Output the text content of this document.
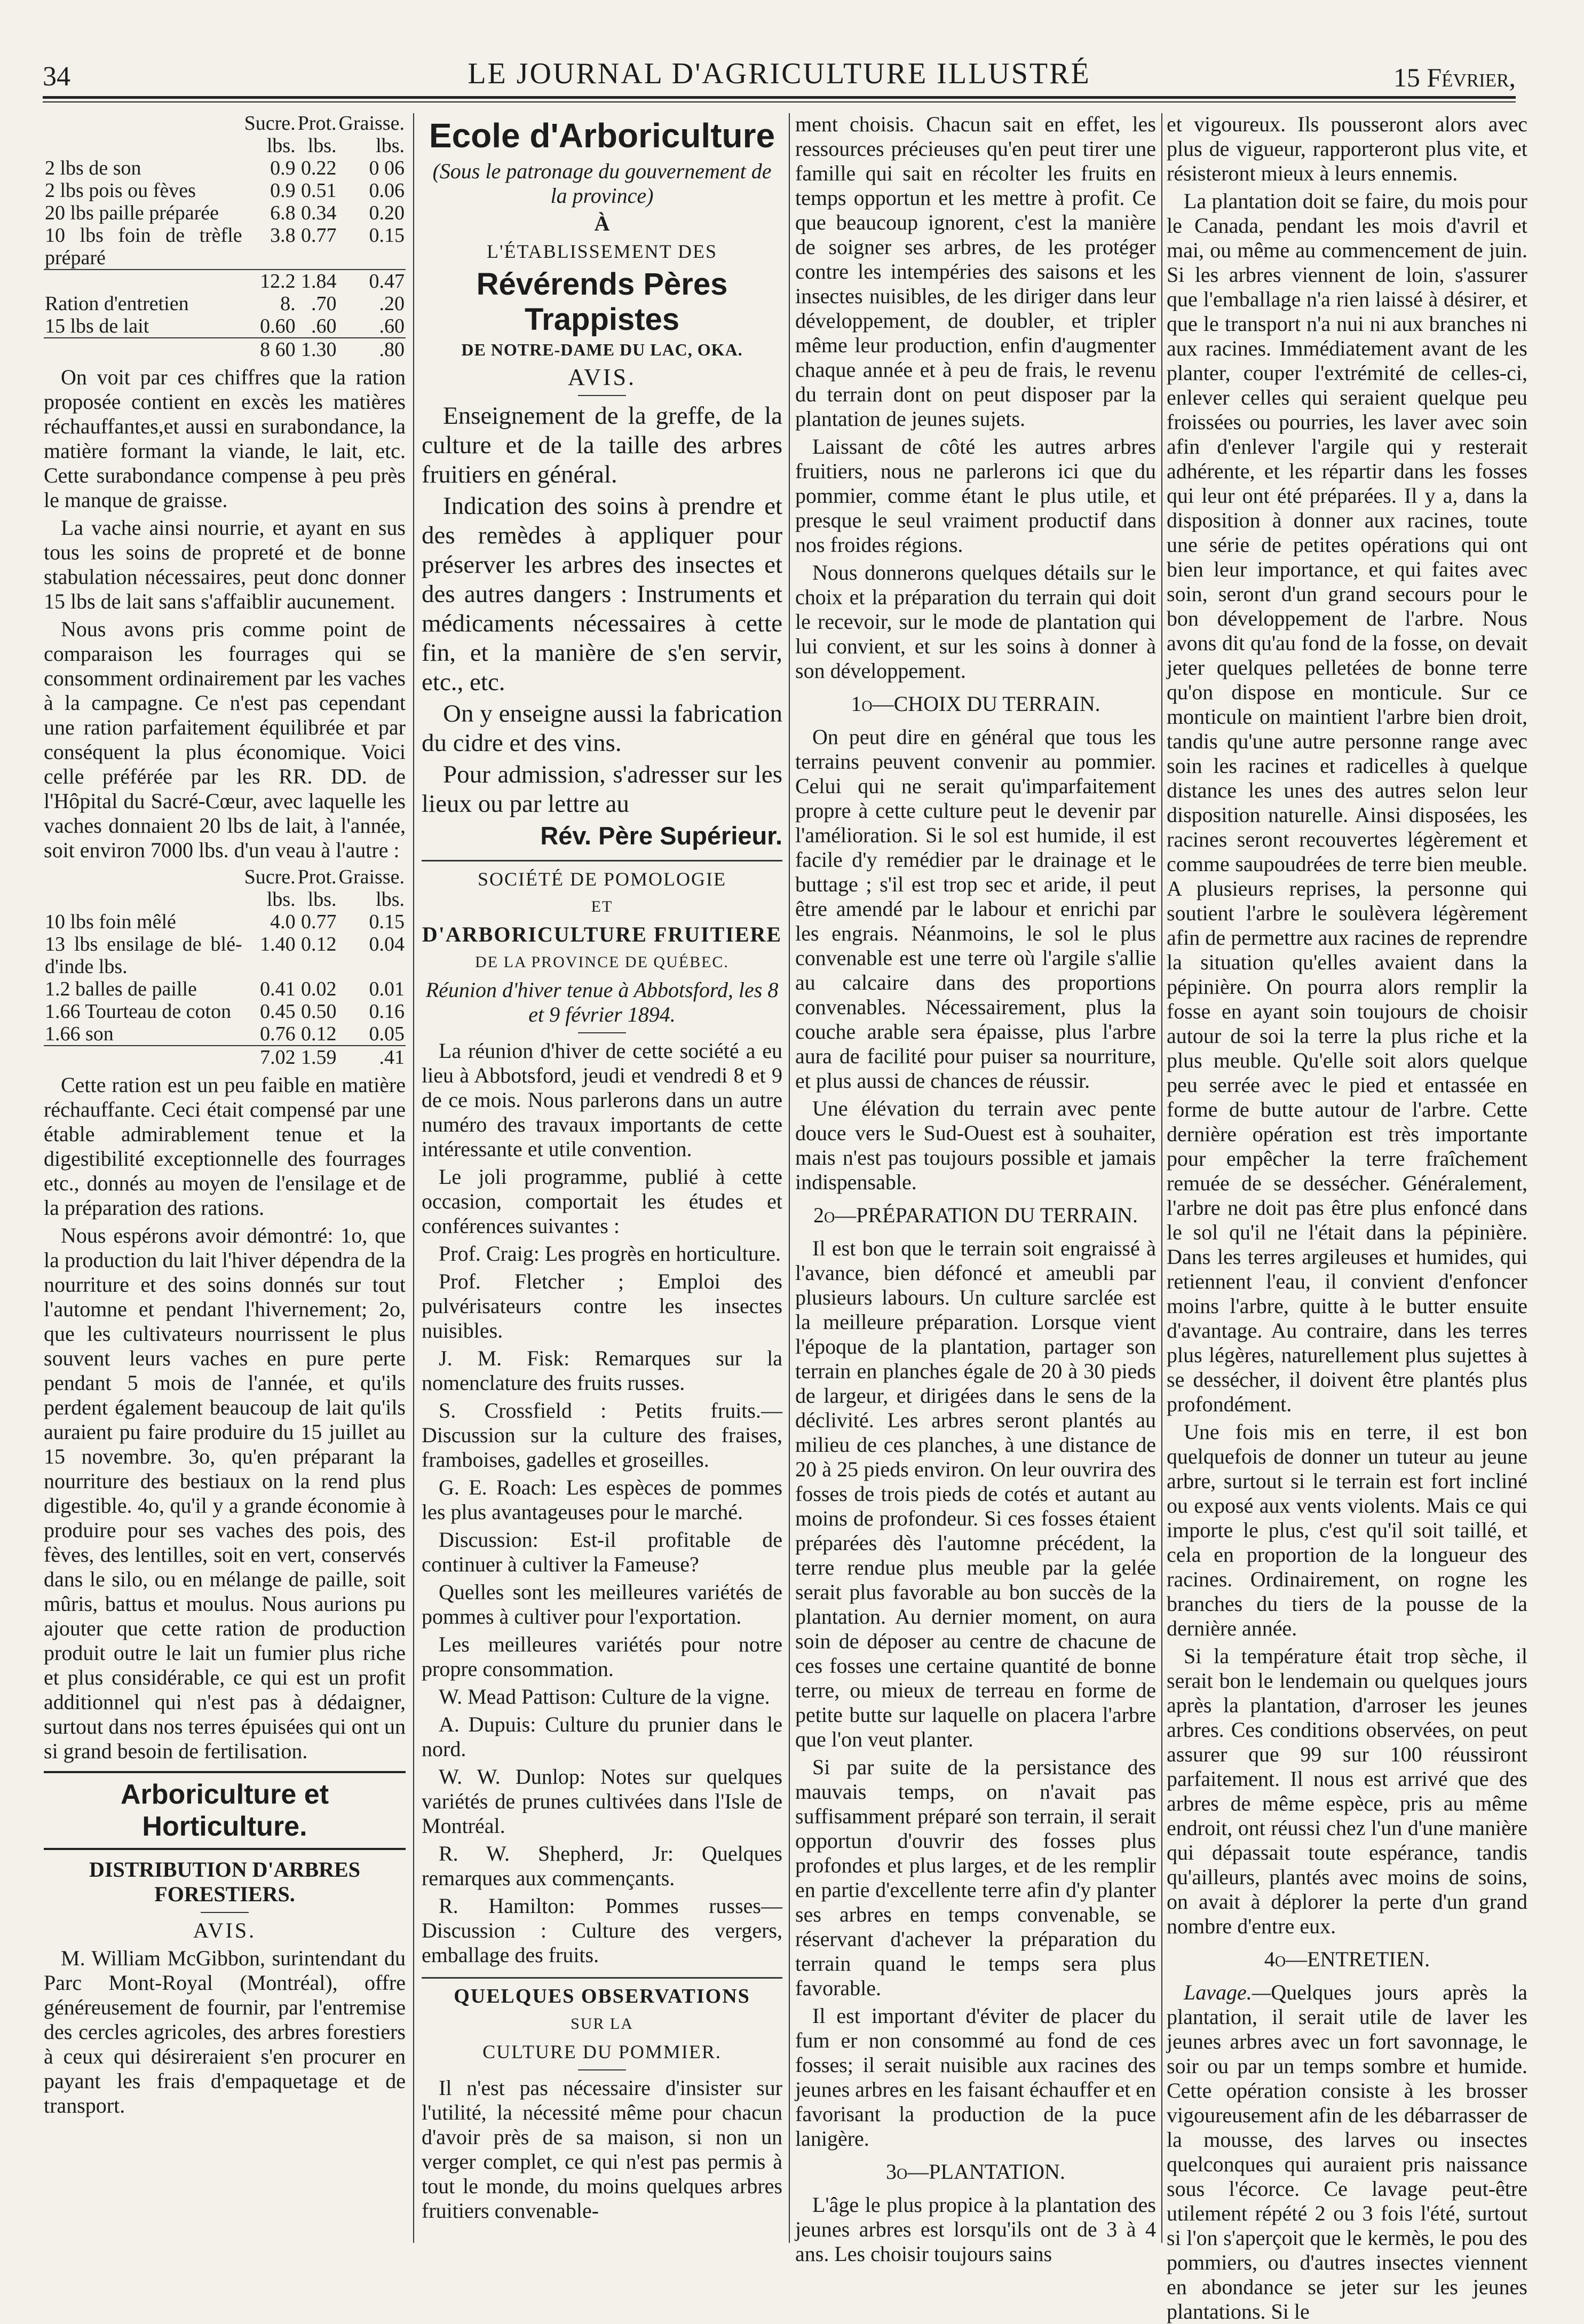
34	LE JOURNAL D'AGRICULTURE ILLUSTRÉ	15 Février,
	Sucre.	Prot.	Graisse.
	lbs.	lbs.	lbs.
2 lbs de son	0.9	0.22	0 06
2 lbs pois ou fèves	0.9	0.51	0.06
20 lbs paille préparée	6.8	0.34	0.20
10 lbs foin de trèfle préparé	3.8	0.77	0.15
	12.2	1.84	0.47
Ration d'entretien	8.	.70	.20
15 lbs de lait	0.60	.60	.60
	8 60	1.30	.80

On voit par ces chiffres que la ration proposée contient en excès les matières réchauffantes,et aussi en surabondance, la matière formant la viande, le lait, etc. Cette surabondance compense à peu près le manque de graisse.

La vache ainsi nourrie, et ayant en sus tous les soins de propreté et de bonne stabulation nécessaires, peut donc donner 15 lbs de lait sans s'affaiblir aucunement.

Nous avons pris comme point de comparaison les fourrages qui se consomment ordinairement par les vaches à la campagne. Ce n'est pas cependant une ration parfaitement équilibrée et par conséquent la plus économique. Voici celle préférée par les RR. DD. de l'Hôpital du Sacré-Cœur, avec laquelle les vaches donnaient 20 lbs de lait, à l'année, soit environ 7000 lbs. d'un veau à l'autre :

	Sucre.	Prot.	Graisse.
	lbs.	lbs.	lbs.
10 lbs foin mêlé	4.0	0.77	0.15
13 lbs ensilage de blé-d'inde lbs.	1.40	0.12	0.04
1.2 balles de paille	0.41	0.02	0.01
1.66 Tourteau de coton	0.45	0.50	0.16
1.66 son	0.76	0.12	0.05
	7.02	1.59	.41

Cette ration est un peu faible en matière réchauffante. Ceci était compensé par une étable admirablement tenue et la digestibilité exceptionnelle des fourrages etc., donnés au moyen de l'ensilage et de la préparation des rations.

Nous espérons avoir démontré: 1o, que la production du lait l'hiver dépendra de la nourriture et des soins donnés sur tout l'automne et pendant l'hivernement; 2o, que les cultivateurs nourrissent le plus souvent leurs vaches en pure perte pendant 5 mois de l'année, et qu'ils perdent également beaucoup de lait qu'ils auraient pu faire produire du 15 juillet au 15 novembre. 3o, qu'en préparant la nourriture des bestiaux on la rend plus digestible. 4o, qu'il y a grande économie à produire pour ses vaches des pois, des fèves, des lentilles, soit en vert, conservés dans le silo, ou en mélange de paille, soit mûris, battus et moulus. Nous aurions pu ajouter que cette ration de production produit outre le lait un fumier plus riche et plus considérable, ce qui est un profit additionnel qui n'est pas à dédaigner, surtout dans nos terres épuisées qui ont un si grand besoin de fertilisation.

Arboriculture et Horticulture.

DISTRIBUTION D'ARBRES FORESTIERS.

AVIS.

M. William McGibbon, surintendant du Parc Mont-Royal (Montréal), offre généreusement de fournir, par l'entremise des cercles agricoles, des arbres forestiers à ceux qui désireraient s'en procurer en payant les frais d'empaquetage et de transport.

Ecole d'Arboriculture

(Sous le patronage du gouvernement de la province)

À

L'ÉTABLISSEMENT DES

Révérends Pères Trappistes

DE NOTRE-DAME DU LAC, OKA.

AVIS.

Enseignement de la greffe, de la culture et de la taille des arbres fruitiers en général.

Indication des soins à prendre et des remèdes à appliquer pour préserver les arbres des insectes et des autres dangers : Instruments et médicaments nécessaires à cette fin, et la manière de s'en servir, etc., etc.

On y enseigne aussi la fabrication du cidre et des vins.

Pour admission, s'adresser sur les lieux ou par lettre au

Rév. Père Supérieur.

SOCIÉTÉ DE POMOLOGIE

ET

D'ARBORICULTURE FRUITIERE

DE LA PROVINCE DE QUÉBEC.

Réunion d'hiver tenue à Abbotsford, les 8 et 9 février 1894.

La réunion d'hiver de cette société a eu lieu à Abbotsford, jeudi et vendredi 8 et 9 de ce mois. Nous parlerons dans un autre numéro des travaux importants de cette intéressante et utile convention.

Le joli programme, publié à cette occasion, comportait les études et conférences suivantes :

Prof. Craig: Les progrès en horticulture.

Prof. Fletcher ; Emploi des pulvérisateurs contre les insectes nuisibles.

J. M. Fisk: Remarques sur la nomenclature des fruits russes.

S. Crossfield : Petits fruits.—Discussion sur la culture des fraises, framboises, gadelles et groseilles.

G. E. Roach: Les espèces de pommes les plus avantageuses pour le marché.

Discussion: Est-il profitable de continuer à cultiver la Fameuse?

Quelles sont les meilleures variétés de pommes à cultiver pour l'exportation.

Les meilleures variétés pour notre propre consommation.

W. Mead Pattison: Culture de la vigne.

A. Dupuis: Culture du prunier dans le nord.

W. W. Dunlop: Notes sur quelques variétés de prunes cultivées dans l'Isle de Montréal.

R. W. Shepherd, Jr: Quelques remarques aux commençants.

R. Hamilton: Pommes russes—Discussion : Culture des vergers, emballage des fruits.

QUELQUES OBSERVATIONS

SUR LA

CULTURE DU POMMIER.

Il n'est pas nécessaire d'insister sur l'utilité, la nécessité même pour chacun d'avoir près de sa maison, si non un verger complet, ce qui n'est pas permis à tout le monde, du moins quelques arbres fruitiers convenable-

ment choisis. Chacun sait en effet, les ressources précieuses qu'en peut tirer une famille qui sait en récolter les fruits en temps opportun et les mettre à profit. Ce que beaucoup ignorent, c'est la manière de soigner ses arbres, de les protéger contre les intempéries des saisons et les insectes nuisibles, de les diriger dans leur développement, de doubler, et tripler même leur production, enfin d'augmenter chaque année et à peu de frais, le revenu du terrain dont on peut disposer par la plantation de jeunes sujets.

Laissant de côté les autres arbres fruitiers, nous ne parlerons ici que du pommier, comme étant le plus utile, et presque le seul vraiment productif dans nos froides régions.

Nous donnerons quelques détails sur le choix et la préparation du terrain qui doit le recevoir, sur le mode de plantation qui lui convient, et sur les soins à donner à son développement.

1o—CHOIX DU TERRAIN.

On peut dire en général que tous les terrains peuvent convenir au pommier. Celui qui ne serait qu'imparfaitement propre à cette culture peut le devenir par l'amélioration. Si le sol est humide, il est facile d'y remédier par le drainage et le buttage ; s'il est trop sec et aride, il peut être amendé par le labour et enrichi par les engrais. Néanmoins, le sol le plus convenable est une terre où l'argile s'allie au calcaire dans des proportions convenables. Nécessairement, plus la couche arable sera épaisse, plus l'arbre aura de facilité pour puiser sa nourriture, et plus aussi de chances de réussir.

Une élévation du terrain avec pente douce vers le Sud-Ouest est à souhaiter, mais n'est pas toujours possible et jamais indispensable.

2o—PRÉPARATION DU TERRAIN.

Il est bon que le terrain soit engraissé à l'avance, bien défoncé et ameubli par plusieurs labours. Un culture sarclée est la meilleure préparation. Lorsque vient l'époque de la plantation, partager son terrain en planches égale de 20 à 30 pieds de largeur, et dirigées dans le sens de la déclivité. Les arbres seront plantés au milieu de ces planches, à une distance de 20 à 25 pieds environ. On leur ouvrira des fosses de trois pieds de cotés et autant au moins de profondeur. Si ces fosses étaient préparées dès l'automne précédent, la terre rendue plus meuble par la gelée serait plus favorable au bon succès de la plantation. Au dernier moment, on aura soin de déposer au centre de chacune de ces fosses une certaine quantité de bonne terre, ou mieux de terreau en forme de petite butte sur laquelle on placera l'arbre que l'on veut planter.

Si par suite de la persistance des mauvais temps, on n'avait pas suffisamment préparé son terrain, il serait opportun d'ouvrir des fosses plus profondes et plus larges, et de les remplir en partie d'excellente terre afin d'y planter ses arbres en temps convenable, se réservant d'achever la préparation du terrain quand le temps sera plus favorable.

Il est important d'éviter de placer du fum er non consommé au fond de ces fosses; il serait nuisible aux racines des jeunes arbres en les faisant échauffer et en favorisant la production de la puce lanigère.

3o—PLANTATION.

L'âge le plus propice à la plantation des jeunes arbres est lorsqu'ils ont de 3 à 4 ans. Les choisir toujours sains

et vigoureux. Ils pousseront alors avec plus de vigueur, rapporteront plus vite, et résisteront mieux à leurs ennemis.

La plantation doit se faire, du mois pour le Canada, pendant les mois d'avril et mai, ou même au commencement de juin. Si les arbres viennent de loin, s'assurer que l'emballage n'a rien laissé à désirer, et que le transport n'a nui ni aux branches ni aux racines. Immédiatement avant de les planter, couper l'extrémité de celles-ci, enlever celles qui seraient quelque peu froissées ou pourries, les laver avec soin afin d'enlever l'argile qui y resterait adhérente, et les répartir dans les fosses qui leur ont été préparées. Il y a, dans la disposition à donner aux racines, toute une série de petites opérations qui ont bien leur importance, et qui faites avec soin, seront d'un grand secours pour le bon développement de l'arbre. Nous avons dit qu'au fond de la fosse, on devait jeter quelques pelletées de bonne terre qu'on dispose en monticule. Sur ce monticule on maintient l'arbre bien droit, tandis qu'une autre personne range avec soin les racines et radicelles à quelque distance les unes des autres selon leur disposition naturelle. Ainsi disposées, les racines seront recouvertes légèrement et comme saupoudrées de terre bien meuble. A plusieurs reprises, la personne qui soutient l'arbre le soulèvera légèrement afin de permettre aux racines de reprendre la situation qu'elles avaient dans la pépinière. On pourra alors remplir la fosse en ayant soin toujours de choisir autour de soi la terre la plus riche et la plus meuble. Qu'elle soit alors quelque peu serrée avec le pied et entassée en forme de butte autour de l'arbre. Cette dernière opération est très importante pour empêcher la terre fraîchement remuée de se dessécher. Généralement, l'arbre ne doit pas être plus enfoncé dans le sol qu'il ne l'était dans la pépinière. Dans les terres argileuses et humides, qui retiennent l'eau, il convient d'enfoncer moins l'arbre, quitte à le butter ensuite d'avantage. Au contraire, dans les terres plus légères, naturellement plus sujettes à se dessécher, il doivent être plantés plus profondément.

Une fois mis en terre, il est bon quelquefois de donner un tuteur au jeune arbre, surtout si le terrain est fort incliné ou exposé aux vents violents. Mais ce qui importe le plus, c'est qu'il soit taillé, et cela en proportion de la longueur des racines. Ordinairement, on rogne les branches du tiers de la pousse de la dernière année.

Si la température était trop sèche, il serait bon le lendemain ou quelques jours après la plantation, d'arroser les jeunes arbres. Ces conditions observées, on peut assurer que 99 sur 100 réussiront parfaitement. Il nous est arrivé que des arbres de même espèce, pris au même endroit, ont réussi chez l'un d'une manière qui dépassait toute espérance, tandis qu'ailleurs, plantés avec moins de soins, on avait à déplorer la perte d'un grand nombre d'entre eux.

4o—ENTRETIEN.

Lavage.—Quelques jours après la plantation, il serait utile de laver les jeunes arbres avec un fort savonnage, le soir ou par un temps sombre et humide. Cette opération consiste à les brosser vigoureusement afin de les débarrasser de la mousse, des larves ou insectes quelconques qui auraient pris naissance sous l'écorce. Ce lavage peut-être utilement répété 2 ou 3 fois l'été, surtout si l'on s'aperçoit que le kermès, le pou des pommiers, ou d'autres insectes viennent en abondance se jeter sur les jeunes plantations. Si le
